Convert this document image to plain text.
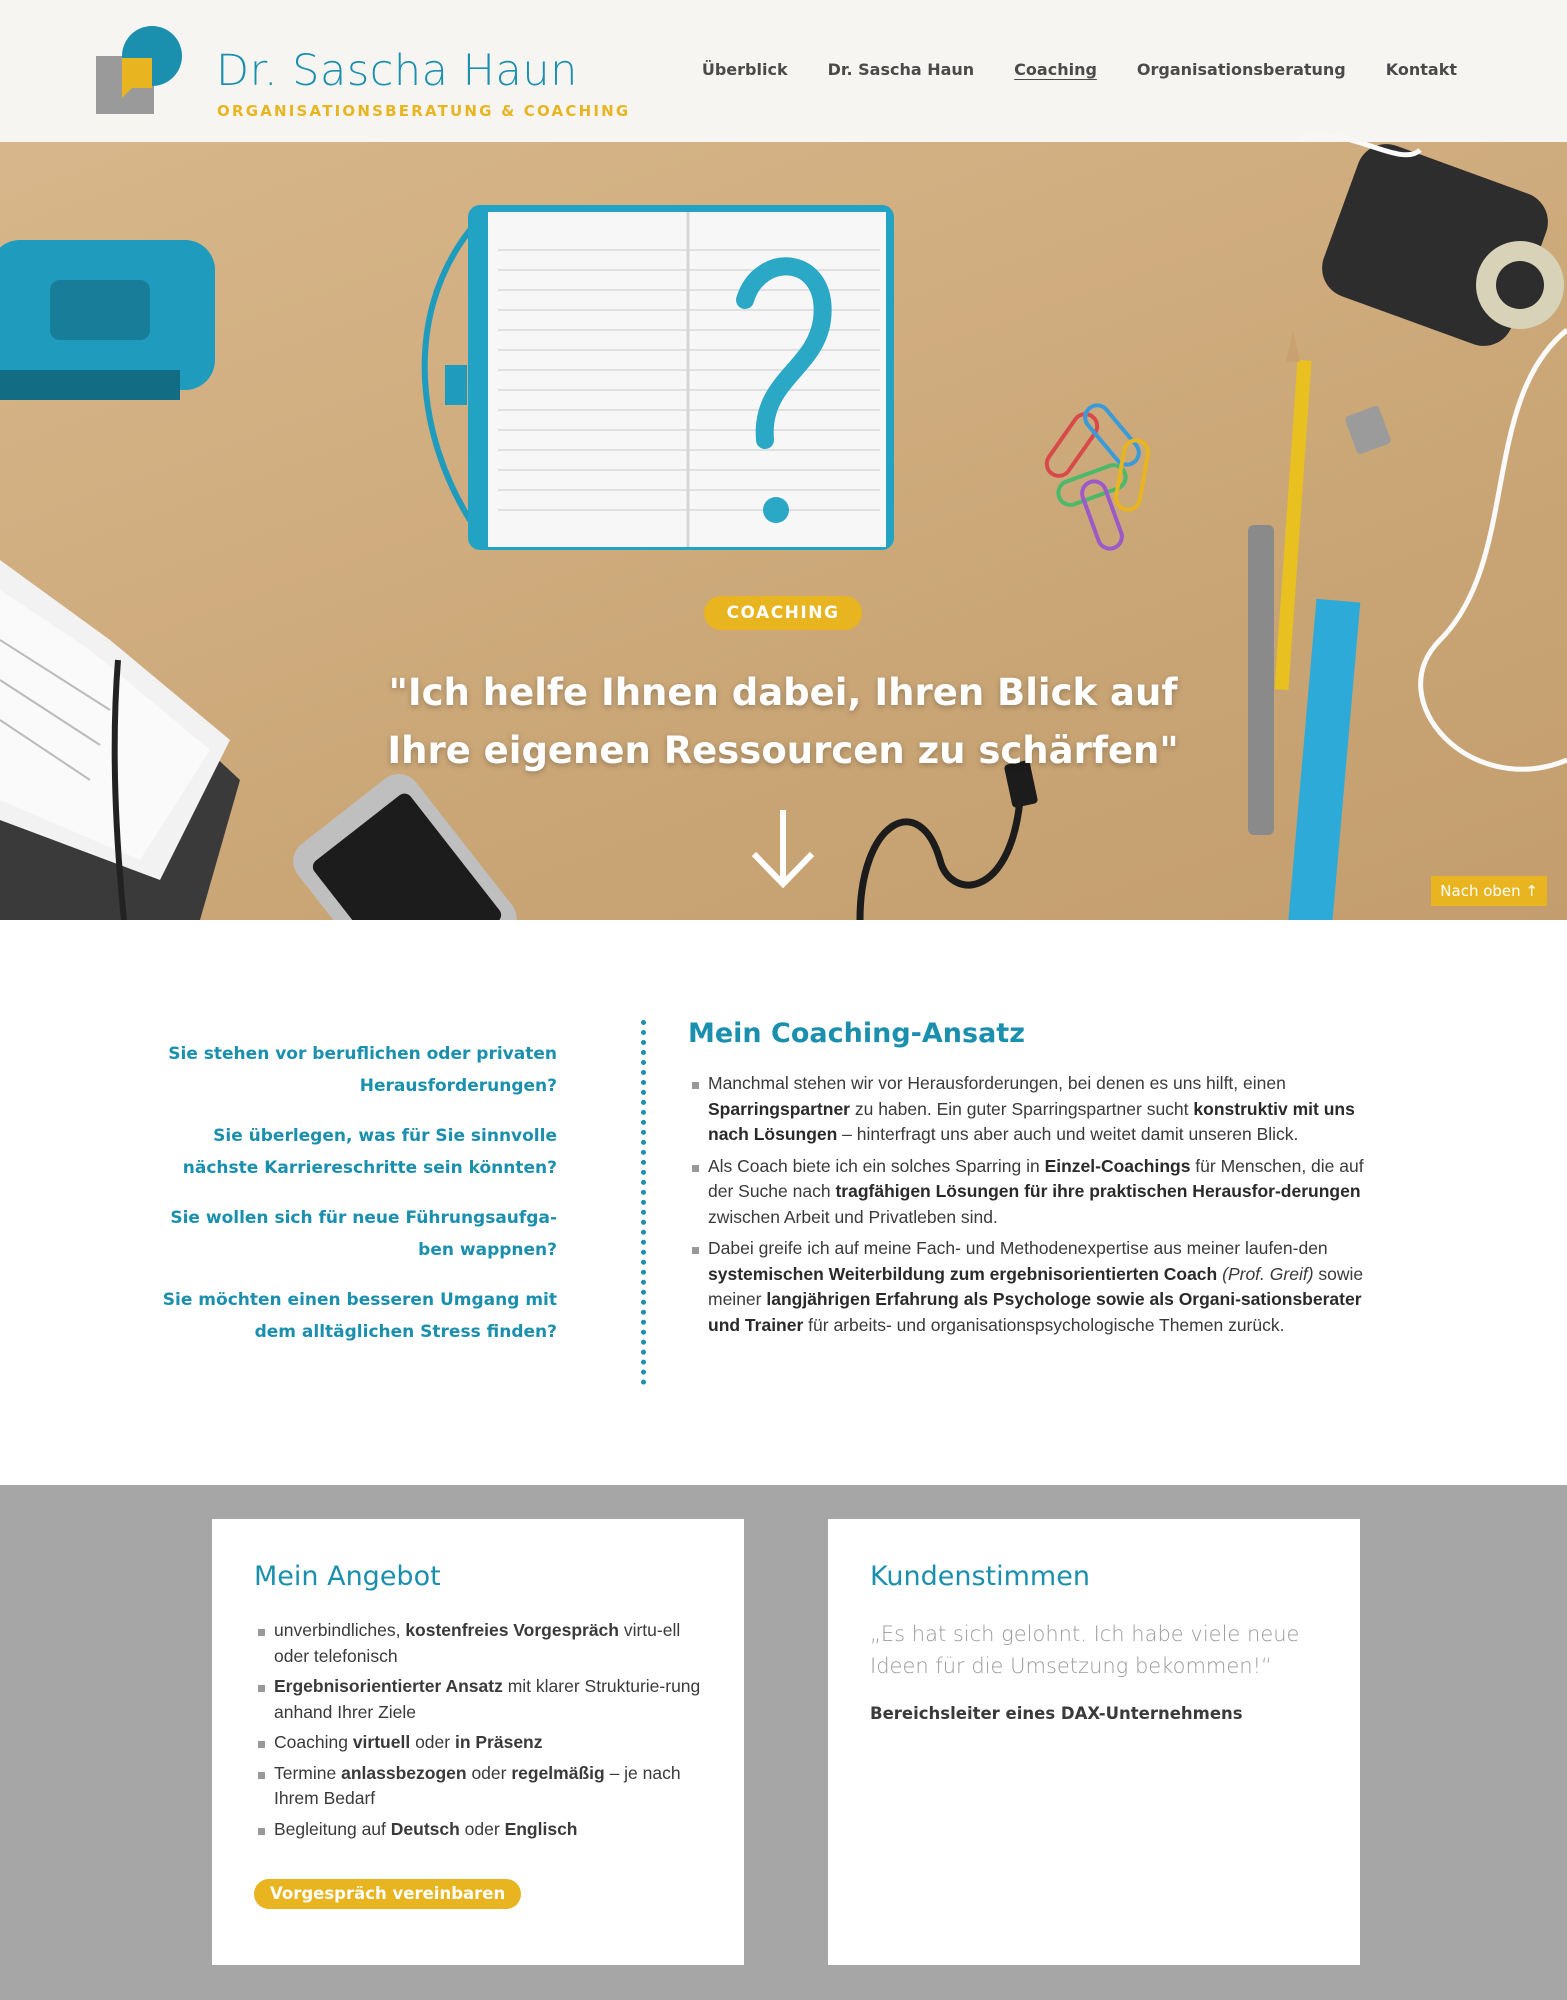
COACHING
"Ich helfe Ihnen dabei, Ihren Blick auf
Ihre eigenen Ressourcen zu schärfen"
Nach oben ↑
Dr. Sascha Haun
ORGANISATIONSBERATUNG & COACHING
Überblick	Dr. Sascha Haun	Coaching	Organisationsberatung	Kontakt

Sie stehen vor beruflichen oder privaten Herausforderungen?

Sie überlegen, was für Sie sinnvolle nächste Karriereschritte sein könnten?

Sie wollen sich für neue Führungsaufga-ben wappnen?

Sie möchten einen besseren Umgang mit dem alltäglichen Stress finden?

Mein Coaching-Ansatz
Manchmal stehen wir vor Herausforderungen, bei denen es uns hilft, einen Sparringspartner zu haben. Ein guter Sparringspartner sucht konstruktiv mit uns nach Lösungen – hinterfragt uns aber auch und weitet damit unseren Blick.
Als Coach biete ich ein solches Sparring in Einzel-Coachings für Menschen, die auf der Suche nach tragfähigen Lösungen für ihre praktischen Herausfor-derungen zwischen Arbeit und Privatleben sind.
Dabei greife ich auf meine Fach- und Methodenexpertise aus meiner laufen-den systemischen Weiterbildung zum ergebnisorientierten Coach (Prof. Greif) sowie meiner langjährigen Erfahrung als Psychologe sowie als Organi-sationsberater und Trainer für arbeits- und organisationspsychologische Themen zurück.
Mein Angebot
unverbindliches, kostenfreies Vorgespräch virtu-ell oder telefonisch
Ergebnisorientierter Ansatz mit klarer Strukturie-rung anhand Ihrer Ziele
Coaching virtuell oder in Präsenz
Termine anlassbezogen oder regelmäßig – je nach Ihrem Bedarf
Begleitung auf Deutsch oder Englisch
Vorgespräch vereinbaren
Kundenstimmen

„Es hat sich gelohnt. Ich habe viele neue Ideen für die Umsetzung bekommen!“

Bereichsleiter eines DAX-Unternehmens
